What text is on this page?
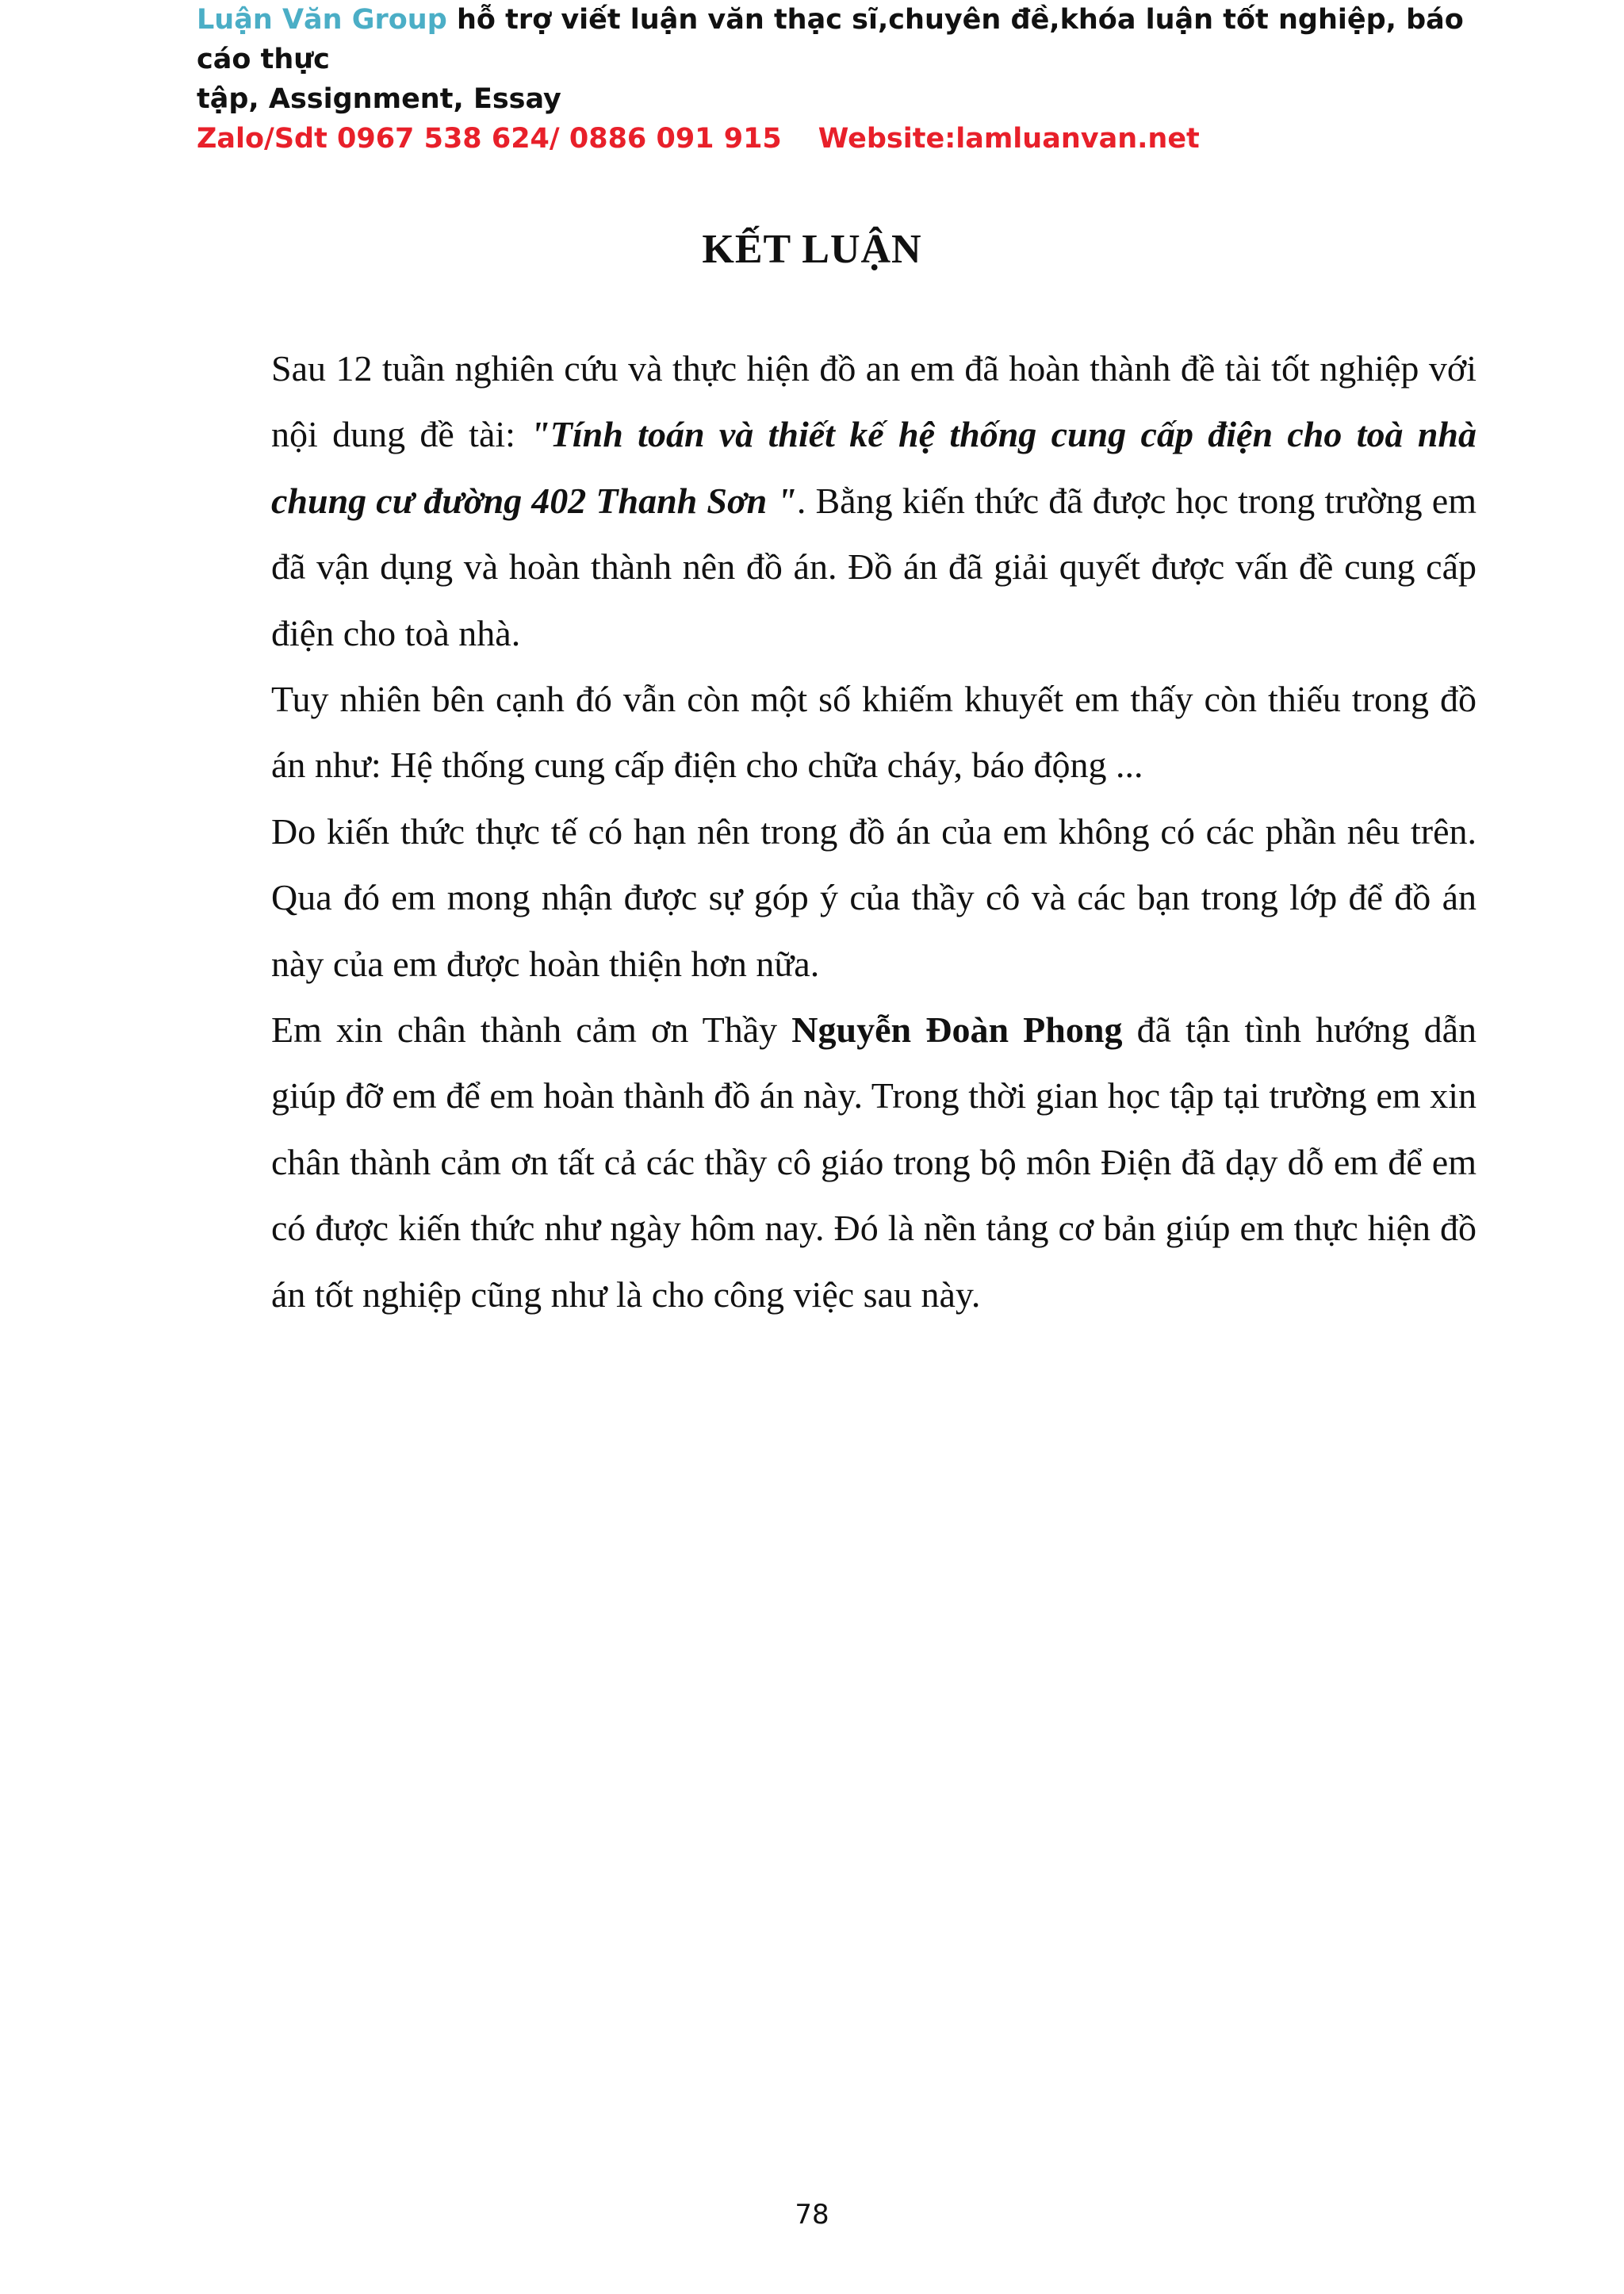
Luận Văn Group hỗ trợ viết luận văn thạc sĩ,chuyên đề,khóa luận tốt nghiệp, báo cáo thực
tập, Assignment, Essay
Zalo/Sdt 0967 538 624/ 0886 091 915 Website:lamluanvan.net
KẾT LUẬN

Sau 12 tuần nghiên cứu và thực hiện đồ an em đã hoàn thành đề tài tốt nghiệp với nội dung đề tài: "Tính toán và thiết kế hệ thống cung cấp điện cho toà nhà chung cư đường 402 Thanh Sơn ". Bằng kiến thức đã được học trong trường em đã vận dụng và hoàn thành nên đồ án. Đồ án đã giải quyết được vấn đề cung cấp điện cho toà nhà.

Tuy nhiên bên cạnh đó vẫn còn một số khiếm khuyết em thấy còn thiếu trong đồ án như: Hệ thống cung cấp điện cho chữa cháy, báo động ...

Do kiến thức thực tế có hạn nên trong đồ án của em không có các phần nêu trên. Qua đó em mong nhận được sự góp ý của thầy cô và các bạn trong lớp để đồ án này của em được hoàn thiện hơn nữa.

Em xin chân thành cảm ơn Thầy Nguyễn Đoàn Phong đã tận tình hướng dẫn giúp đỡ em để em hoàn thành đồ án này. Trong thời gian học tập tại trường em xin chân thành cảm ơn tất cả các thầy cô giáo trong bộ môn Điện đã dạy dỗ em để em có được kiến thức như ngày hôm nay. Đó là nền tảng cơ bản giúp em thực hiện đồ án tốt nghiệp cũng như là cho công việc sau này.

78
